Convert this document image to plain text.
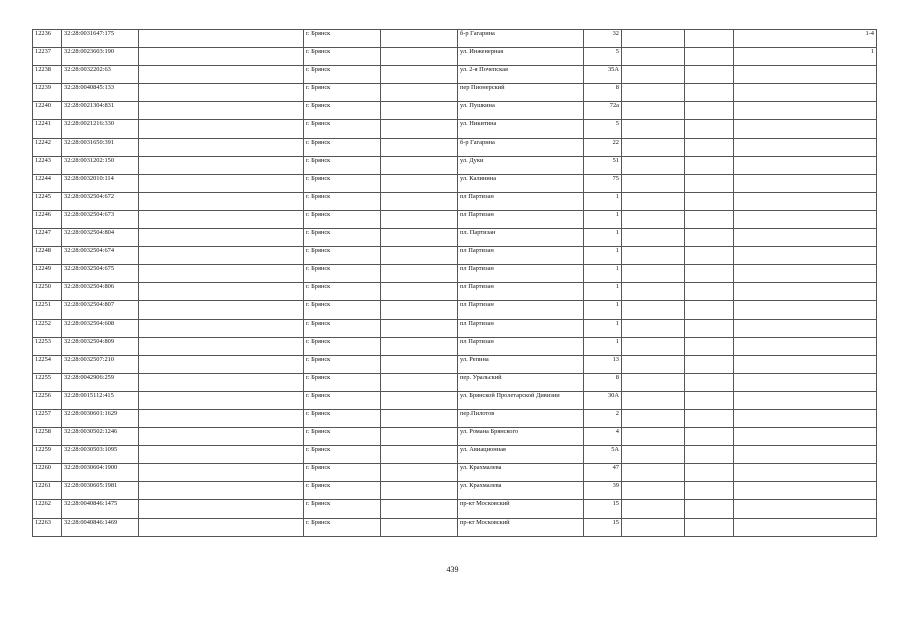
12236	32:28:0031647:175		г. Брянск		б-р Гагарина	32			1-4
12237	32:28:0023603:190		г. Брянск		ул. Инженерная	5			1
12238	32:28:0032202:63		г. Брянск		ул. 2-я Почепская	35А			
12239	32:28:0040845:133		г. Брянск		пер Пионерский	8			
12240	32:28:0021304:831		г. Брянск		ул. Пушкина	72а			
12241	32:28:0021216:330		г. Брянск		ул. Никитина	5			
12242	32:28:0031650:391		г. Брянск		б-р Гагарина	22			
12243	32:28:0031202:150		г. Брянск		ул. Дуки	51			
12244	32:28:0032010:114		г. Брянск		ул. Калинина	75			
12245	32:28:0032504:672		г. Брянск		пл Партизан	1			
12246	32:28:0032504:673		г. Брянск		пл Партизан	1			
12247	32:28:0032504:804		г. Брянск		пл. Партизан	1			
12248	32:28:0032504:674		г. Брянск		пл Партизан	1			
12249	32:28:0032504:675		г. Брянск		пл Партизан	1			
12250	32:28:0032504:806		г. Брянск		пл Партизан	1			
12251	32:28:0032504:807		г. Брянск		пл Партизан	1			
12252	32:28:0032504:608		г. Брянск		пл Партизан	1			
12253	32:28:0032504:809		г. Брянск		пл Партизан	1			
12254	32:28:0032507:210		г. Брянск		ул. Репина	13			
12255	32:28:0042906:259		г. Брянск		пер. Уральский	8			
12256	32:28:0015112:415		г. Брянск		ул. Брянской Пролетарской Дивизии	30А			
12257	32:28:0030601:1629		г. Брянск		пер.Пилотов	2			
12258	32:28:0030502:1246		г. Брянск		ул. Романа Брянского	4			
12259	32:28:0030503:1095		г. Брянск		ул. Авиационная	5А			
12260	32:28:0030604:1900		г. Брянск		ул. Крахмалева	47			
12261	32:28:0030605:1981		г. Брянск		ул. Крахмалева	39			
12262	32:28:0040846:1475		г. Брянск		пр-кт Московский	15			
12263	32:28:0040846:1469		г. Брянск		пр-кт Московский	15			
439
